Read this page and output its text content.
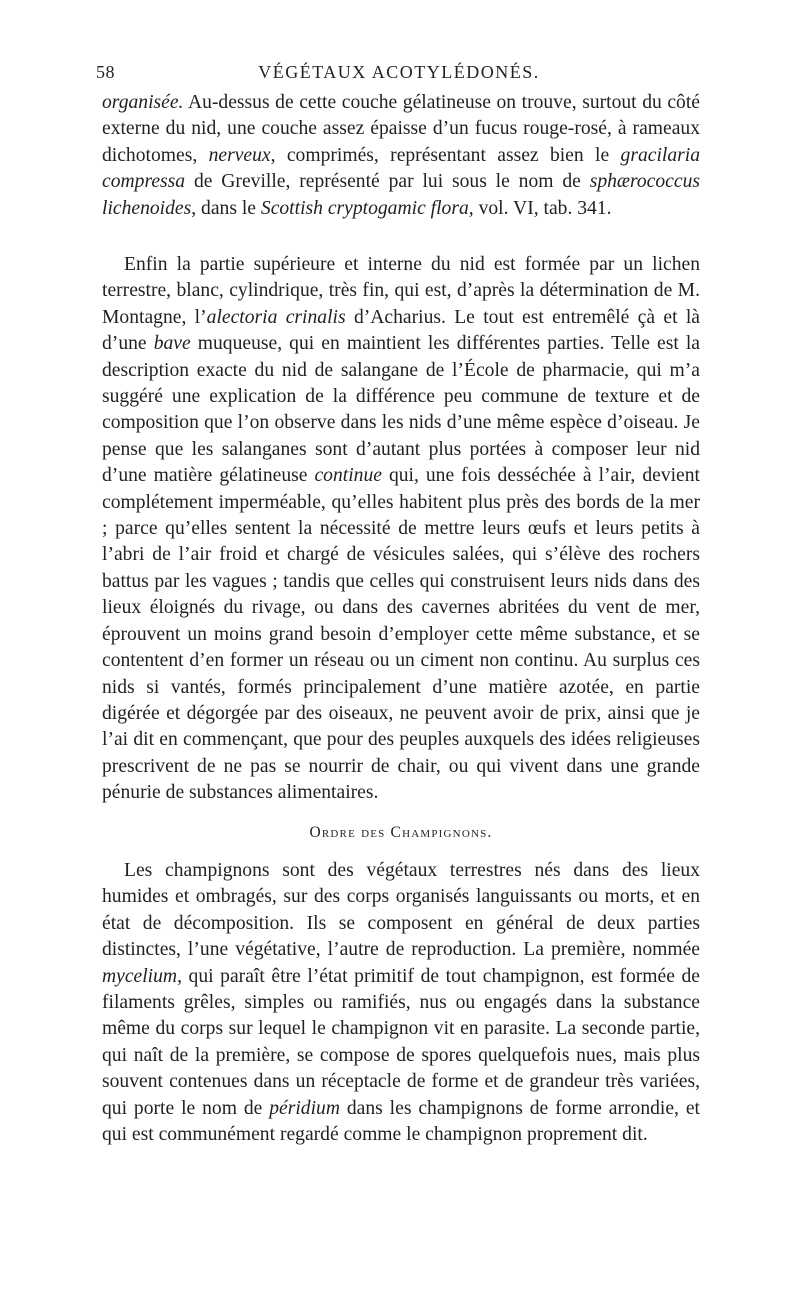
58	VÉGÉTAUX ACOTYLÉDONÉS.

organisée. Au-dessus de cette couche gélatineuse on trouve, surtout du côté externe du nid, une couche assez épaisse d’un fucus rouge-rosé, à rameaux dichotomes, nerveux, comprimés, représentant assez bien le gracilaria compressa de Greville, représenté par lui sous le nom de sphærococcus lichenoides, dans le Scottish cryptogamic flora, vol. VI, tab. 341.

Enfin la partie supérieure et interne du nid est formée par un lichen terrestre, blanc, cylindrique, très fin, qui est, d’après la détermination de M. Montagne, l’alectoria crinalis d’Acharius. Le tout est entremêlé çà et là d’une bave muqueuse, qui en maintient les différentes parties. Telle est la description exacte du nid de salangane de l’École de pharmacie, qui m’a suggéré une explication de la différence peu commune de texture et de composition que l’on observe dans les nids d’une même espèce d’oiseau. Je pense que les salanganes sont d’autant plus portées à composer leur nid d’une matière gélatineuse continue qui, une fois desséchée à l’air, devient complétement imperméable, qu’elles habitent plus près des bords de la mer ; parce qu’elles sentent la nécessité de mettre leurs œufs et leurs petits à l’abri de l’air froid et chargé de vésicules salées, qui s’élève des rochers battus par les vagues ; tandis que celles qui construisent leurs nids dans des lieux éloignés du rivage, ou dans des cavernes abritées du vent de mer, éprouvent un moins grand besoin d’employer cette même substance, et se contentent d’en former un réseau ou un ciment non continu. Au surplus ces nids si vantés, formés principalement d’une matière azotée, en partie digérée et dégorgée par des oiseaux, ne peuvent avoir de prix, ainsi que je l’ai dit en commençant, que pour des peuples auxquels des idées religieuses prescrivent de ne pas se nourrir de chair, ou qui vivent dans une grande pénurie de substances alimentaires.

Ordre des Champignons.

Les champignons sont des végétaux terrestres nés dans des lieux humides et ombragés, sur des corps organisés languissants ou morts, et en état de décomposition. Ils se composent en général de deux parties distinctes, l’une végétative, l’autre de reproduction. La première, nommée mycelium, qui paraît être l’état primitif de tout champignon, est formée de filaments grêles, simples ou ramifiés, nus ou engagés dans la substance même du corps sur lequel le champignon vit en parasite. La seconde partie, qui naît de la première, se compose de spores quelquefois nues, mais plus souvent contenues dans un réceptacle de forme et de grandeur très variées, qui porte le nom de péridium dans les champignons de forme arrondie, et qui est communément regardé comme le champignon proprement dit.
